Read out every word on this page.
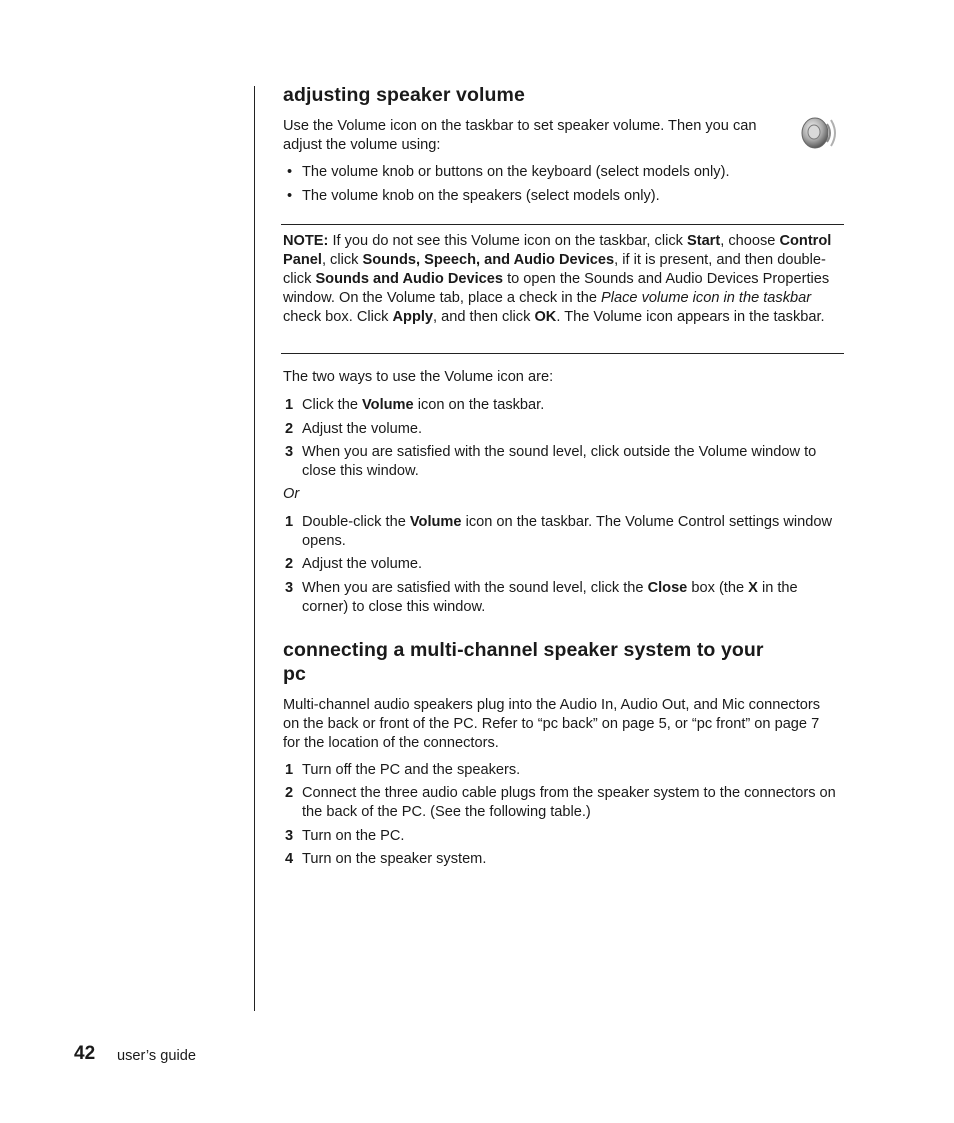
adjusting speaker volume

Use the Volume icon on the taskbar to set speaker volume. Then you can adjust the volume using:

• The volume knob or buttons on the keyboard (select models only).
• The volume knob on the speakers (select models only).

NOTE: If you do not see this Volume icon on the taskbar, click Start, choose Control Panel, click Sounds, Speech, and Audio Devices, if it is present, and then double-click Sounds and Audio Devices to open the Sounds and Audio Devices Properties window. On the Volume tab, place a check in the Place volume icon in the taskbar check box. Click Apply, and then click OK. The Volume icon appears in the taskbar.

The two ways to use the Volume icon are:

1 Click the Volume icon on the taskbar.
2 Adjust the volume.
3 When you are satisfied with the sound level, click outside the Volume window to close this window.

Or

1 Double-click the Volume icon on the taskbar. The Volume Control settings window opens.
2 Adjust the volume.
3 When you are satisfied with the sound level, click the Close box (the X in the corner) to close this window.
connecting a multi-channel speaker system to your pc

Multi-channel audio speakers plug into the Audio In, Audio Out, and Mic connectors on the back or front of the PC. Refer to “pc back” on page 5, or “pc front” on page 7 for the location of the connectors.

1 Turn off the PC and the speakers.
2 Connect the three audio cable plugs from the speaker system to the connectors on the back of the PC. (See the following table.)
3 Turn on the PC.
4 Turn on the speaker system.
42 user’s guide
